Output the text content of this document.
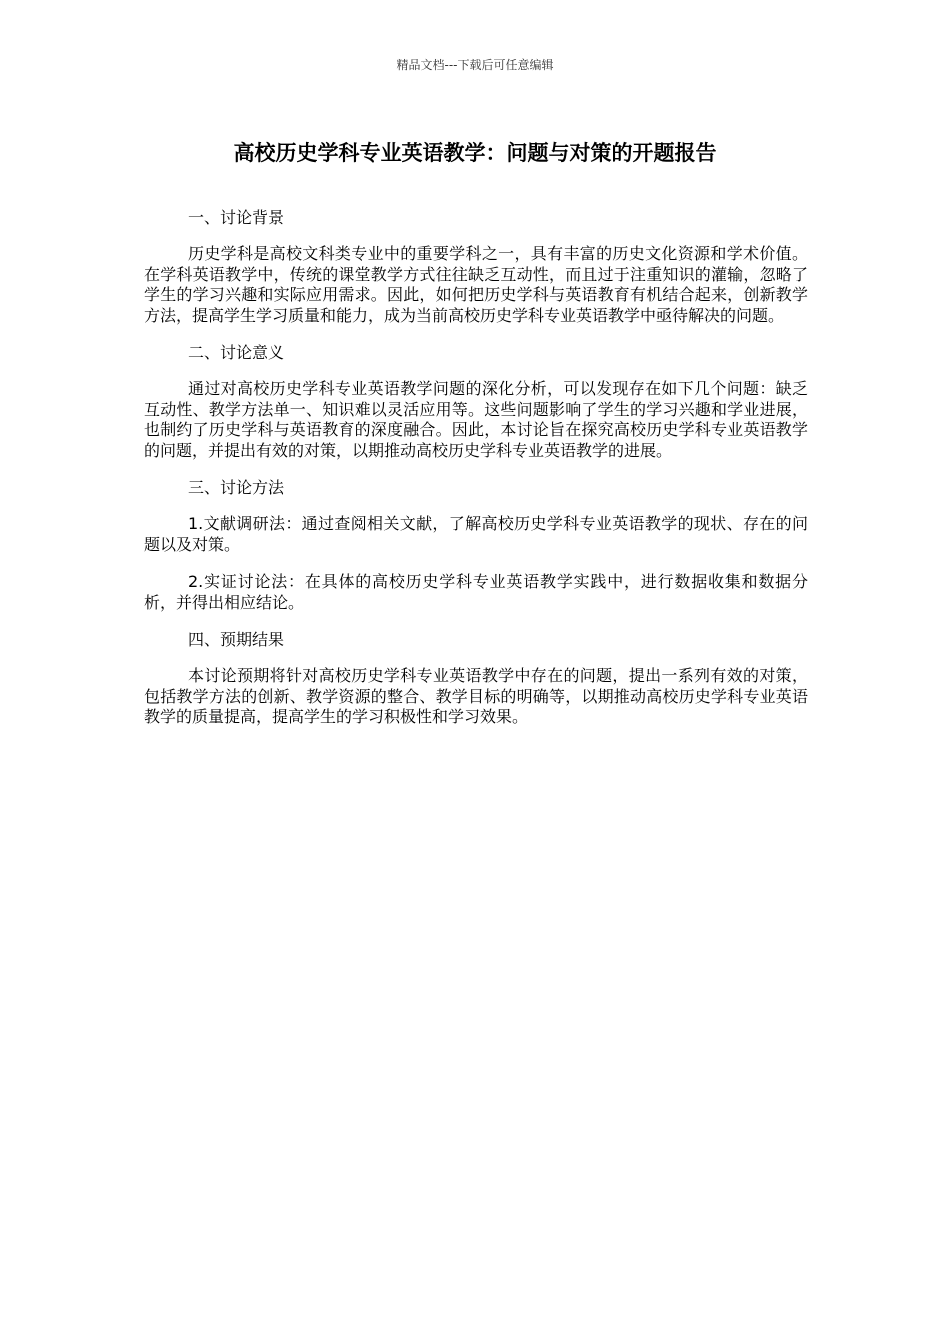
精品文档---下载后可任意编辑
高校历史学科专业英语教学：问题与对策的开题报告

一、讨论背景

历史学科是高校文科类专业中的重要学科之一，具有丰富的历史文化资源和学术价值。在学科英语教学中，传统的课堂教学方式往往缺乏互动性，而且过于注重知识的灌输，忽略了学生的学习兴趣和实际应用需求。因此，如何把历史学科与英语教育有机结合起来，创新教学方法，提高学生学习质量和能力，成为当前高校历史学科专业英语教学中亟待解决的问题。

二、讨论意义

通过对高校历史学科专业英语教学问题的深化分析，可以发现存在如下几个问题：缺乏互动性、教学方法单一、知识难以灵活应用等。这些问题影响了学生的学习兴趣和学业进展，也制约了历史学科与英语教育的深度融合。因此，本讨论旨在探究高校历史学科专业英语教学的问题，并提出有效的对策，以期推动高校历史学科专业英语教学的进展。

三、讨论方法

1.文献调研法：通过查阅相关文献，了解高校历史学科专业英语教学的现状、存在的问题以及对策。

2.实证讨论法：在具体的高校历史学科专业英语教学实践中，进行数据收集和数据分析，并得出相应结论。

四、预期结果

本讨论预期将针对高校历史学科专业英语教学中存在的问题，提出一系列有效的对策，包括教学方法的创新、教学资源的整合、教学目标的明确等，以期推动高校历史学科专业英语教学的质量提高，提高学生的学习积极性和学习效果。
